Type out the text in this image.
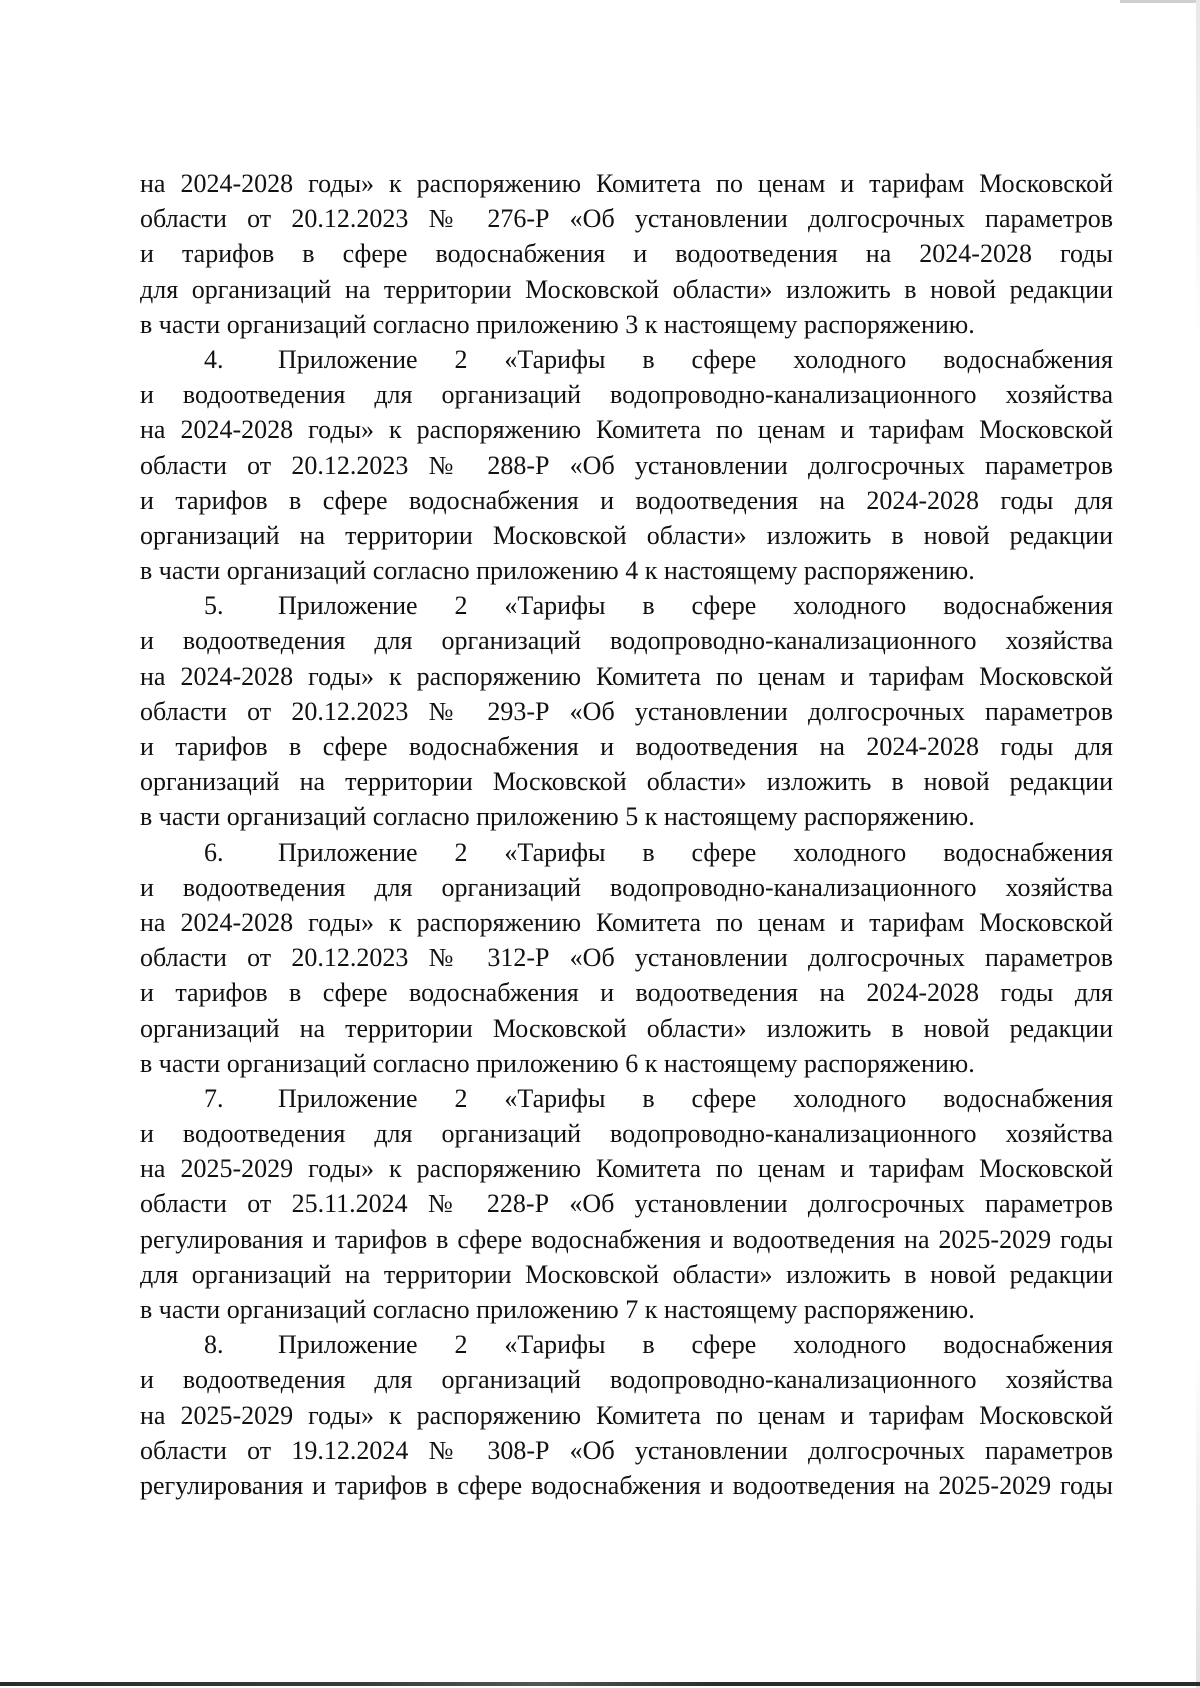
на 2024-2028 годы» к распоряжению Комитета по ценам и тарифам Московской
области от 20.12.2023 № 276-Р «Об установлении долгосрочных параметров
и тарифов в сфере водоснабжения и водоотведения на 2024-2028 годы
для организаций на территории Московской области» изложить в новой редакции
в части организаций согласно приложению 3 к настоящему распоряжению.
4. Приложение 2 «Тарифы в сфере холодного водоснабжения
и водоотведения для организаций водопроводно-канализационного хозяйства
на 2024-2028 годы» к распоряжению Комитета по ценам и тарифам Московской
области от 20.12.2023 № 288-Р «Об установлении долгосрочных параметров
и тарифов в сфере водоснабжения и водоотведения на 2024-2028 годы для
организаций на территории Московской области» изложить в новой редакции
в части организаций согласно приложению 4 к настоящему распоряжению.
5. Приложение 2 «Тарифы в сфере холодного водоснабжения
и водоотведения для организаций водопроводно-канализационного хозяйства
на 2024-2028 годы» к распоряжению Комитета по ценам и тарифам Московской
области от 20.12.2023 № 293-Р «Об установлении долгосрочных параметров
и тарифов в сфере водоснабжения и водоотведения на 2024-2028 годы для
организаций на территории Московской области» изложить в новой редакции
в части организаций согласно приложению 5 к настоящему распоряжению.
6. Приложение 2 «Тарифы в сфере холодного водоснабжения
и водоотведения для организаций водопроводно-канализационного хозяйства
на 2024-2028 годы» к распоряжению Комитета по ценам и тарифам Московской
области от 20.12.2023 № 312-Р «Об установлении долгосрочных параметров
и тарифов в сфере водоснабжения и водоотведения на 2024-2028 годы для
организаций на территории Московской области» изложить в новой редакции
в части организаций согласно приложению 6 к настоящему распоряжению.
7. Приложение 2 «Тарифы в сфере холодного водоснабжения
и водоотведения для организаций водопроводно-канализационного хозяйства
на 2025-2029 годы» к распоряжению Комитета по ценам и тарифам Московской
области от 25.11.2024 № 228-Р «Об установлении долгосрочных параметров
регулирования и тарифов в сфере водоснабжения и водоотведения на 2025-2029 годы
для организаций на территории Московской области» изложить в новой редакции
в части организаций согласно приложению 7 к настоящему распоряжению.
8. Приложение 2 «Тарифы в сфере холодного водоснабжения
и водоотведения для организаций водопроводно-канализационного хозяйства
на 2025-2029 годы» к распоряжению Комитета по ценам и тарифам Московской
области от 19.12.2024 № 308-Р «Об установлении долгосрочных параметров
регулирования и тарифов в сфере водоснабжения и водоотведения на 2025-2029 годы
